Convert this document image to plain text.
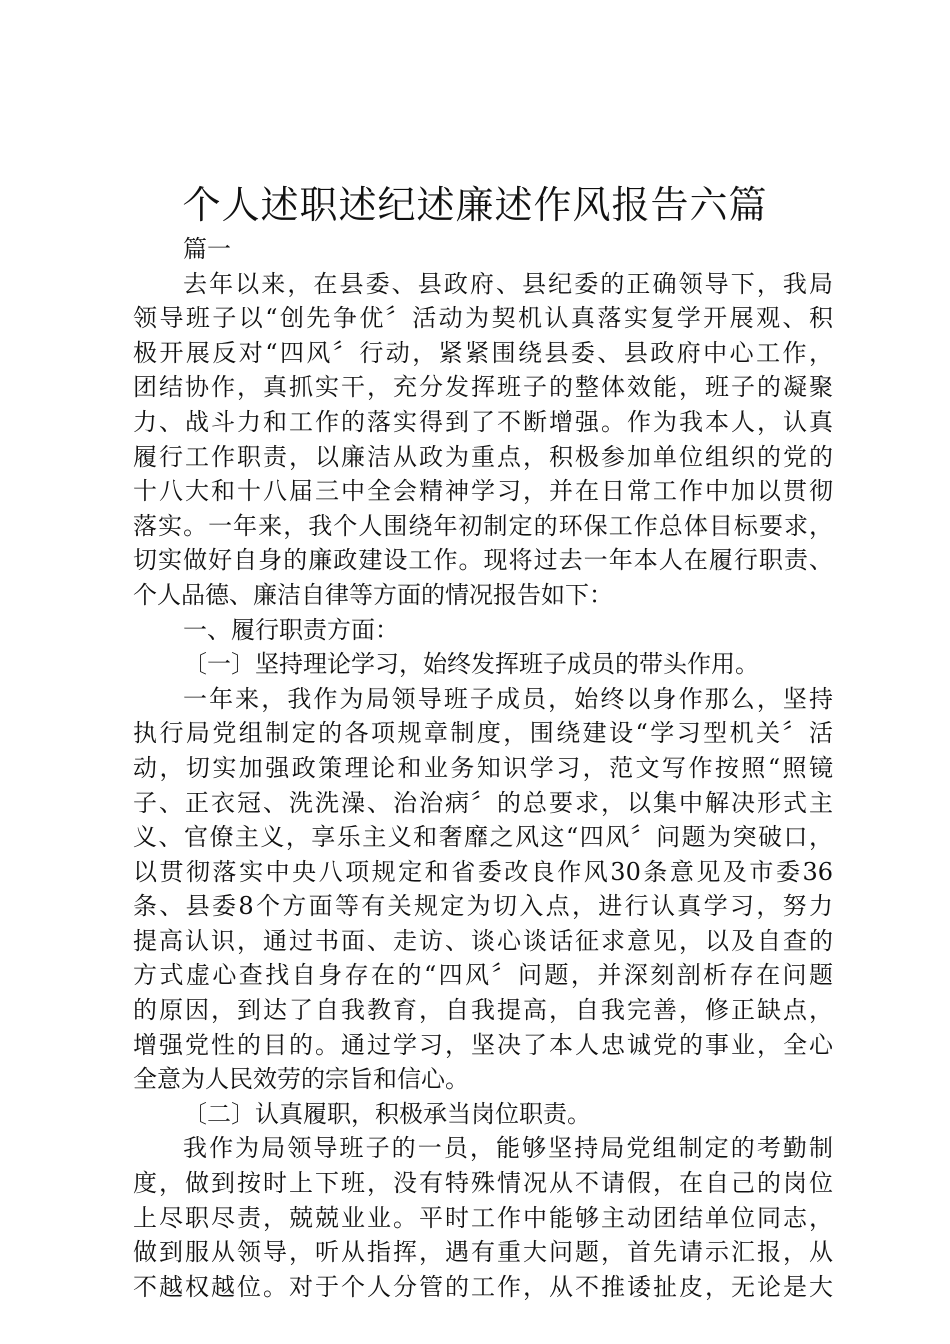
个人述职述纪述廉述作风报告六篇
篇一
去年以来，在县委、县政府、县纪委的正确领导下，我局
领导班子以“创先争优〞活动为契机认真落实复学开展观、积
极开展反对“四风〞行动，紧紧围绕县委、县政府中心工作，
团结协作，真抓实干，充分发挥班子的整体效能，班子的凝聚
力、战斗力和工作的落实得到了不断增强。作为我本人，认真
履行工作职责，以廉洁从政为重点，积极参加单位组织的党的
十八大和十八届三中全会精神学习，并在日常工作中加以贯彻
落实。一年来，我个人围绕年初制定的环保工作总体目标要求，
切实做好自身的廉政建设工作。现将过去一年本人在履行职责、
个人品德、廉洁自律等方面的情况报告如下：
一、履行职责方面：
〔一〕坚持理论学习，始终发挥班子成员的带头作用。
一年来，我作为局领导班子成员，始终以身作那么，坚持
执行局党组制定的各项规章制度，围绕建设“学习型机关〞活
动，切实加强政策理论和业务知识学习，范文写作按照“照镜
子、正衣冠、洗洗澡、治治病〞的总要求，以集中解决形式主
义、官僚主义，享乐主义和奢靡之风这“四风〞问题为突破口，
以贯彻落实中央八项规定和省委改良作风30条意见及市委36
条、县委8个方面等有关规定为切入点，进行认真学习，努力
提高认识，通过书面、走访、谈心谈话征求意见，以及自查的
方式虚心查找自身存在的“四风〞问题，并深刻剖析存在问题
的原因，到达了自我教育，自我提高，自我完善，修正缺点，
增强党性的目的。通过学习，坚决了本人忠诚党的事业，全心
全意为人民效劳的宗旨和信心。
〔二〕认真履职，积极承当岗位职责。
我作为局领导班子的一员，能够坚持局党组制定的考勤制
度，做到按时上下班，没有特殊情况从不请假，在自己的岗位
上尽职尽责，兢兢业业。平时工作中能够主动团结单位同志，
做到服从领导，听从指挥，遇有重大问题，首先请示汇报，从
不越权越位。对于个人分管的工作，从不推诿扯皮，无论是大
